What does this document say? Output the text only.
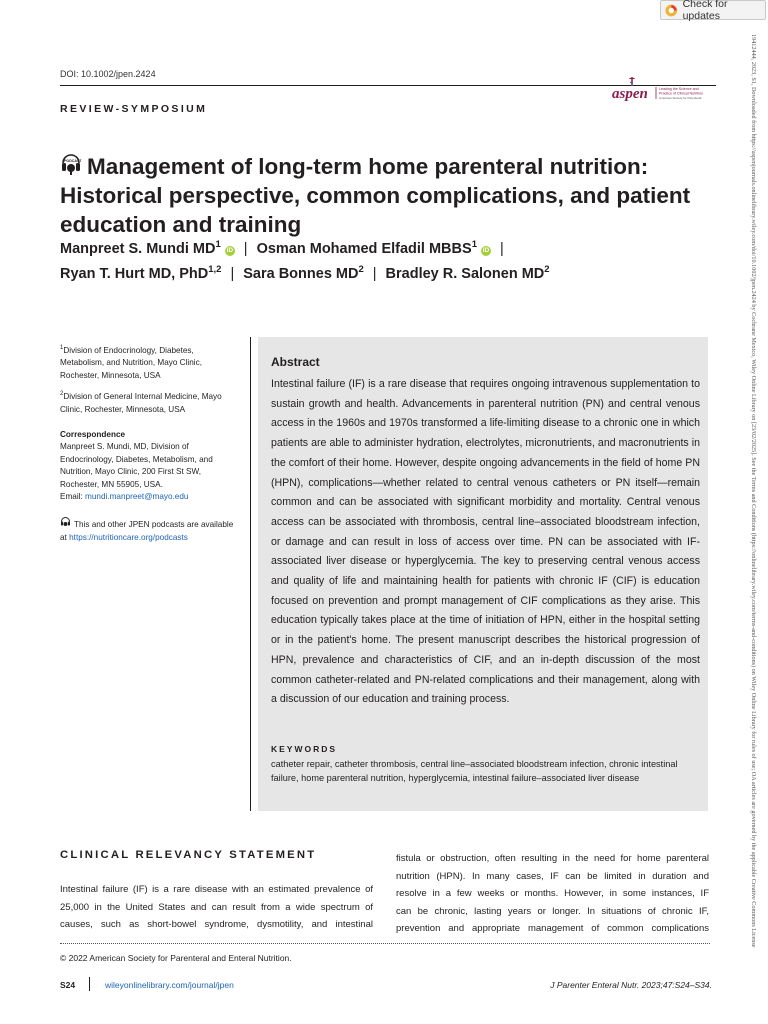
Check for updates
19412444, 2023, S1, Downloaded from https://aspenjournals.onlinelibrary.wiley.com/doi/10.1002/jpen.2424 by Cochrane Mexico, Wiley Online Library on [23/02/2025]. See the Terms and Conditions (https://onlinelibrary.wiley.com/terms-and-conditions) on Wiley Online Library for rules of use; OA articles are governed by the applicable Creative Commons License
DOI: 10.1002/jpen.2424
REVIEW-SYMPOSIUM
aspen	Leading the Science and
Practice of Clinical Nutrition
American Society for Parenteral
PODCAST Management of long-term home parenteral nutrition:
Historical perspective, common complications, and patient
education and training
Manpreet S. Mundi $MD^1iD$ | Osman Mohamed Elfadil MBBS$^1$iD |
Ryan T. Hurt MD, PhD$^{1,2}$ | Sara Bonnes $MD^2$ | Bradley R. Salonen $MD^2$

$^1$Division of Endocrinology, Diabetes, Metabolism, and Nutrition, Mayo Clinic, Rochester, Minnesota, USA

$^2$Division of General Internal Medicine, Mayo Clinic, Rochester, Minnesota, USA

Correspondence

Manpreet S. Mundi, MD, Division of Endocrinology, Diabetes, Metabolism, and Nutrition, Mayo Clinic, 200 First St SW, Rochester, MN 55905, USA.
Email: mundi.manpreet@mayo.edu

This and other JPEN podcasts are available at https://nutritioncare.org/podcasts

Abstract
Intestinal failure (IF) is a rare disease that requires ongoing intravenous supplementation to sustain growth and health. Advancements in parenteral nutrition (PN) and central venous access in the 1960s and 1970s transformed a life-limiting disease to a chronic one in which patients are able to administer hydration, electrolytes, micronutrients, and macronutrients in the comfort of their home. However, despite ongoing advancements in the field of home PN (HPN), complications—whether related to central venous catheters or PN itself—remain common and can be associated with significant morbidity and mortality. Central venous access can be associated with thrombosis, central line–associated bloodstream infection, or damage and can result in loss of access over time. PN can be associated with IF-associated liver disease or hyperglycemia. The key to preserving central venous access and quality of life and maintaining health for patients with chronic IF (CIF) is education focused on prevention and prompt management of CIF complications as they arise. This education typically takes place at the time of initiation of HPN, either in the hospital setting or in the patient's home. The present manuscript describes the historical progression of HPN, prevalence and characteristics of CIF, and an in-depth discussion of the most common catheter-related and PN-related complications and their management, along with a discussion of our education and training process.
KEYWORDS
catheter repair, catheter thrombosis, central line–associated bloodstream infection, chronic intestinal failure, home parenteral nutrition, hyperglycemia, intestinal failure–associated liver disease
CLINICAL RELEVANCY STATEMENT
Intestinal failure (IF) is a rare disease with an estimated prevalence of
25,000 in the United States and can result from a wide spectrum of
causes, such as short-bowel syndrome, dysmotility, and intestinal
fistula or obstruction, often resulting in the need for home parenteral
nutrition (HPN). In many cases, IF can be limited in duration and
resolve in a few weeks or months. However, in some instances, IF
can be chronic, lasting years or longer. In situations of chronic IF,
prevention and appropriate management of common complications
© 2022 American Society for Parenteral and Enteral Nutrition.
S24	wileyonlinelibrary.com/journal/jpen	J Parenter Enteral Nutr. 2023;47:S24–S34.
